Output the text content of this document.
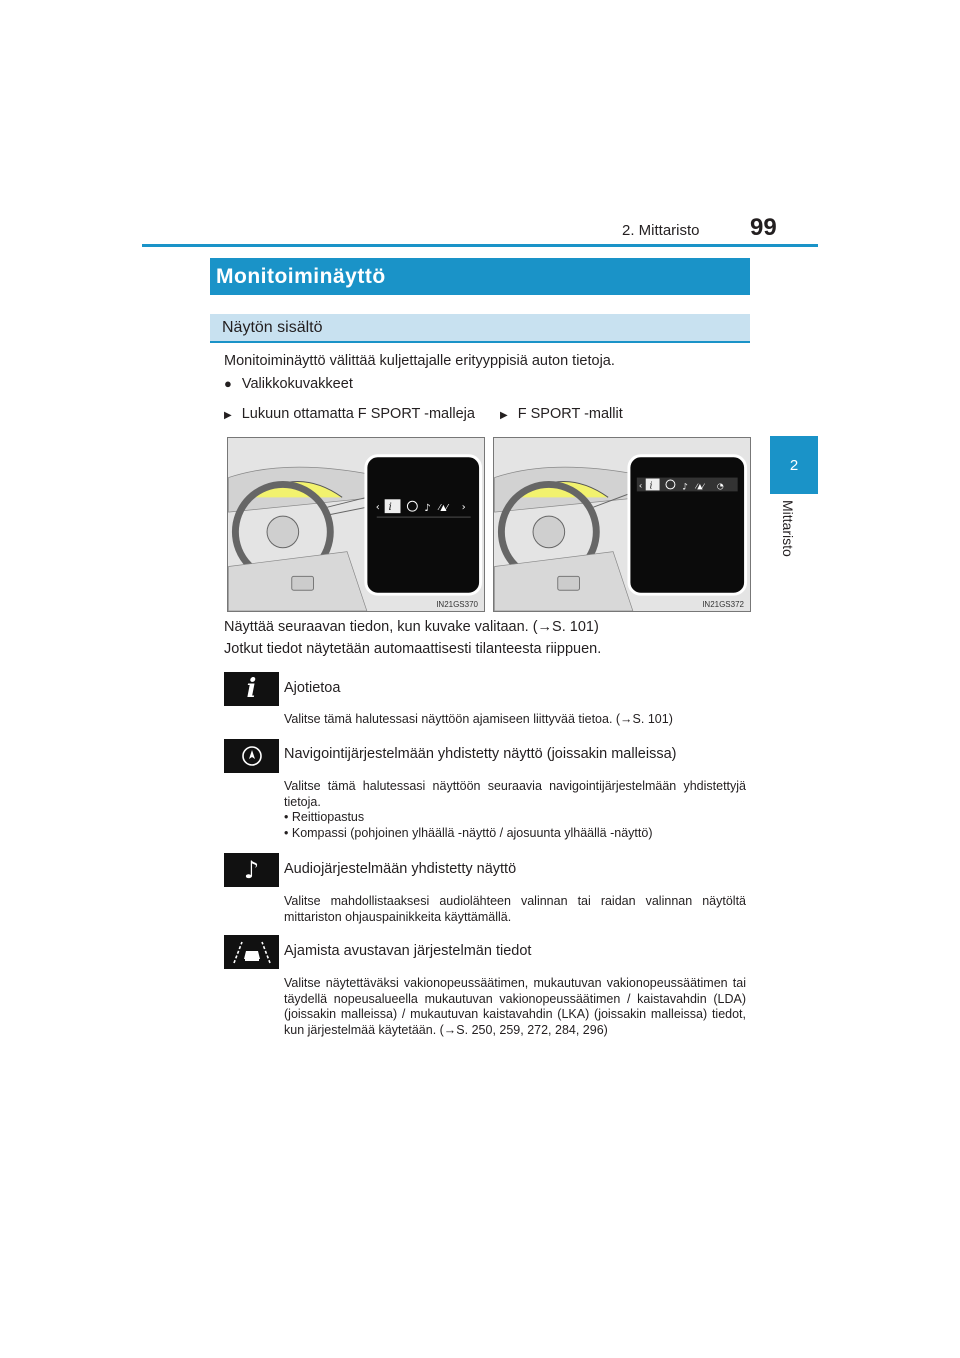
2. Mittaristo 99
2
Mittaristo
Monitoiminäyttö
Näytön sisältö
Monitoiminäyttö välittää kuljettajalle erityyppisiä auton tietoja.
● Valikkokuvakkeet
▶ Lukuun ottamatta F SPORT -malleja	▶ F SPORT -mallit
‹ i	♪ ⁄▲⁄ ›
IN21GS370
‹ i	♪ ⁄▲⁄ ◔
IN21GS372
Näyttää seuraavan tiedon, kun kuvake valitaan. (→S. 101)
Jotkut tiedot näytetään automaattisesti tilanteesta riippuen.
i Ajotietoa
Valitse tämä halutessasi näyttöön ajamiseen liittyvää tietoa. (→S. 101)
Navigointijärjestelmään yhdistetty näyttö (joissakin malleissa)
Valitse tämä halutessasi näyttöön seuraavia navigointijärjestelmään yhdistettyjä tietoja.
• Reittiopastus
• Kompassi (pohjoinen ylhäällä -näyttö / ajosuunta ylhäällä -näyttö)
♪ Audiojärjestelmään yhdistetty näyttö
Valitse mahdollistaaksesi audiolähteen valinnan tai raidan valinnan näytöltä mittariston ohjauspainikkeita käyttämällä.
Ajamista avustavan järjestelmän tiedot
Valitse näytettäväksi vakionopeussäätimen, mukautuvan vakionopeussäätimen tai täydellä nopeusalueella mukautuvan vakionopeussäätimen / kaistavahdin (LDA) (joissakin malleissa) / mukautuvan kaistavahdin (LKA) (joissakin malleissa) tiedot, kun järjestelmää käytetään. (→S. 250, 259, 272, 284, 296)
